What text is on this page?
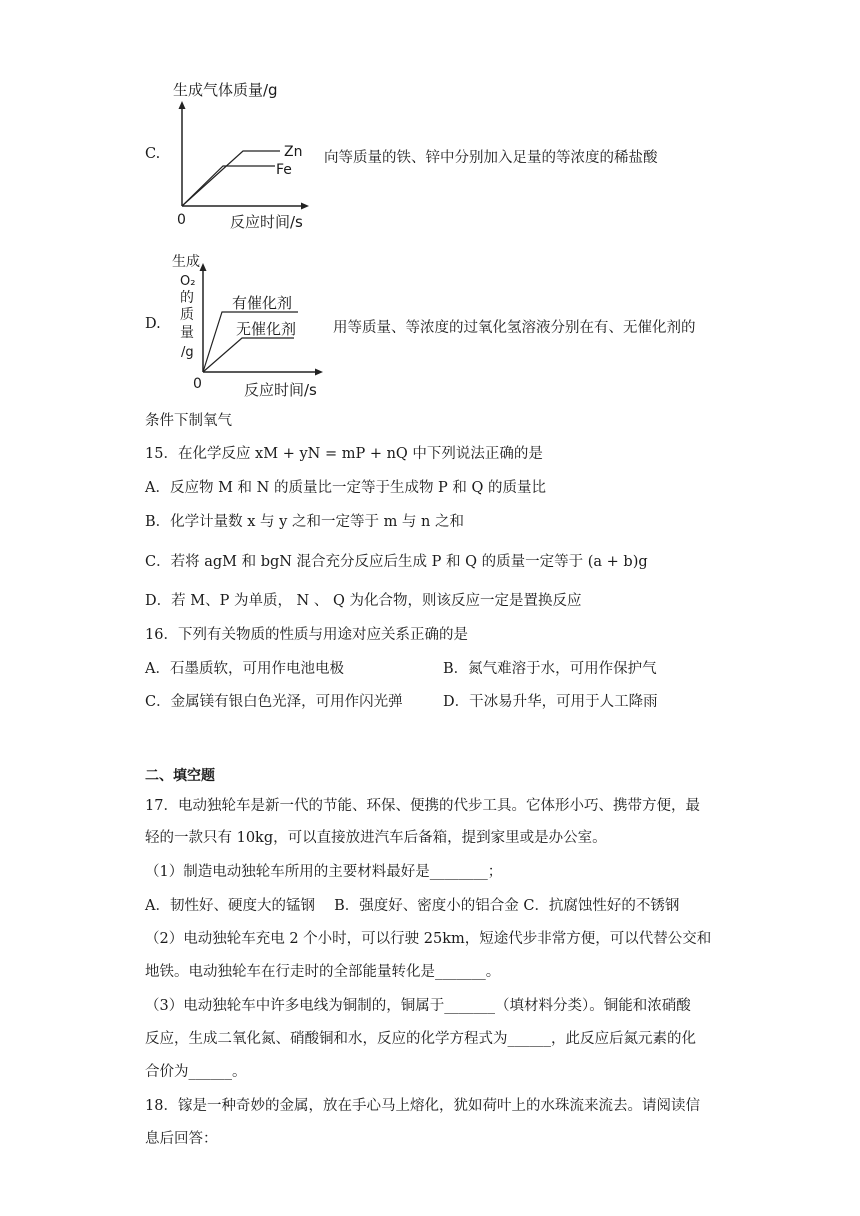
C.
生成气体质量/g
Zn
Fe
0	反应时间/s
向等质量的铁、锌中分别加入足量的等浓度的稀盐酸
D.
生成
O₂
的
质
量
/g
有催化剂
无催化剂
0	反应时间/s
用等质量、等浓度的过氧化氢溶液分别在有、无催化剂的
条件下制氧气
15．在化学反应 xM + yN = mP + nQ 中下列说法正确的是
A．反应物 M 和 N 的质量比一定等于生成物 P 和 Q 的质量比
B．化学计量数 x 与 y 之和一定等于 m 与 n 之和
C．若将 agM 和 bgN 混合充分反应后生成 P 和 Q 的质量一定等于 (a + b)g
D．若 M、P 为单质， N 、 Q 为化合物，则该反应一定是置换反应
16．下列有关物质的性质与用途对应关系正确的是
A．石墨质软，可用作电池电极	B．氮气难溶于水，可用作保护气
C．金属镁有银白色光泽，可用作闪光弹	D．干冰易升华，可用于人工降雨
二、填空题
17．电动独轮车是新一代的节能、环保、便携的代步工具。它体形小巧、携带方便，最
轻的一款只有 10kg，可以直接放进汽车后备箱，提到家里或是办公室。
（1）制造电动独轮车所用的主要材料最好是________；
A．韧性好、硬度大的锰钢　 B．强度好、密度小的铝合金 C．抗腐蚀性好的不锈钢
（2）电动独轮车充电 2 个小时，可以行驶 25km，短途代步非常方便，可以代替公交和
地铁。电动独轮车在行走时的全部能量转化是_______。
（3）电动独轮车中许多电线为铜制的，铜属于_______（填材料分类）。铜能和浓硝酸
反应，生成二氧化氮、硝酸铜和水，反应的化学方程式为______，此反应后氮元素的化
合价为______。
18．镓是一种奇妙的金属，放在手心马上熔化，犹如荷叶上的水珠流来流去。请阅读信
息后回答：
